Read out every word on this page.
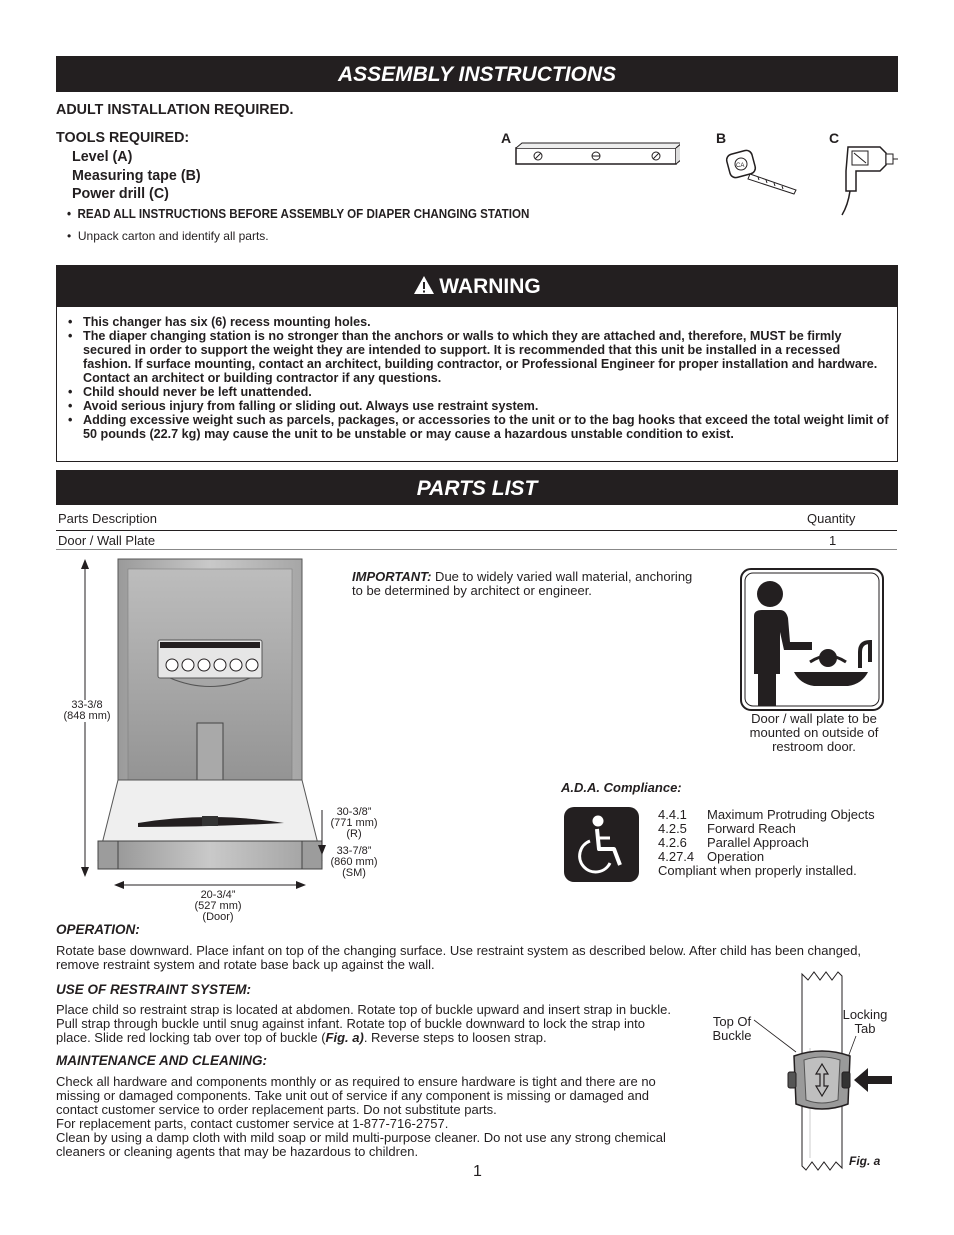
ASSEMBLY INSTRUCTIONS
ADULT INSTALLATION REQUIRED.
TOOLS REQUIRED:
Level (A)
Measuring tape (B)
Power drill (C)
•  READ ALL INSTRUCTIONS BEFORE ASSEMBLY OF DIAPER CHANGING STATION
•  Unpack carton and identify all parts.
A	B	C
CA
WARNING
• This changer has six (6) recess mounting holes.
• The diaper changing station is no stronger than the anchors or walls to which they are attached and, therefore, MUST be firmly secured in order to support the weight they are intended to support. It is recommended that this unit be installed in a recessed fashion. If surface mounting, contact an architect, building contractor, or Professional Engineer for proper installation and hardware. Contact an architect or building contractor if any questions.
• Child should never be left unattended.
• Avoid serious injury from falling or sliding out. Always use restraint system.
• Adding excessive weight such as parcels, packages, or accessories to the unit or to the bag hooks that exceed the total weight limit of 50 pounds (22.7 kg) may cause the unit to be unstable or may cause a hazardous unstable condition to exist.
PARTS LIST
Parts Description	Quantity
Door / Wall Plate	1
33-3/8
(848 mm)
30-3/8”
(771 mm)
(R)
33-7/8”
(860 mm)
(SM)
20-3/4”
(527 mm)
(Door)
IMPORTANT: Due to widely varied wall material, anchoring to be determined by architect or engineer.
Door / wall plate to be mounted on outside of restroom door.
A.D.A. Compliance:
4.4.1	Maximum Protruding Objects
4.2.5	Forward Reach
4.2.6	Parallel Approach
4.27.4	Operation
Compliant when properly installed.	
OPERATION:
Rotate base downward. Place infant on top of the changing surface. Use restraint system as described below. After child has been changed, remove restraint system and rotate base back up against the wall.
USE OF RESTRAINT SYSTEM:
Place child so restraint strap is located at abdomen. Rotate top of buckle upward and insert strap in buckle. Pull strap through buckle until snug against infant. Rotate top of buckle downward to lock the strap into place. Slide red locking tab over top of buckle (Fig. a). Reverse steps to loosen strap.
MAINTENANCE AND CLEANING:
Check all hardware and components monthly or as required to ensure hardware is tight and there are no missing or damaged components. Take unit out of service if any component is missing or damaged and contact customer service to order replacement parts. Do not substitute parts.
For replacement parts, contact customer service at 1-877-716-2757.
Clean by using a damp cloth with mild soap or mild multi-purpose cleaner. Do not use any strong chemical cleaners or cleaning agents that may be hazardous to children.
1
Top Of
Buckle
Locking
Tab
Fig. a
